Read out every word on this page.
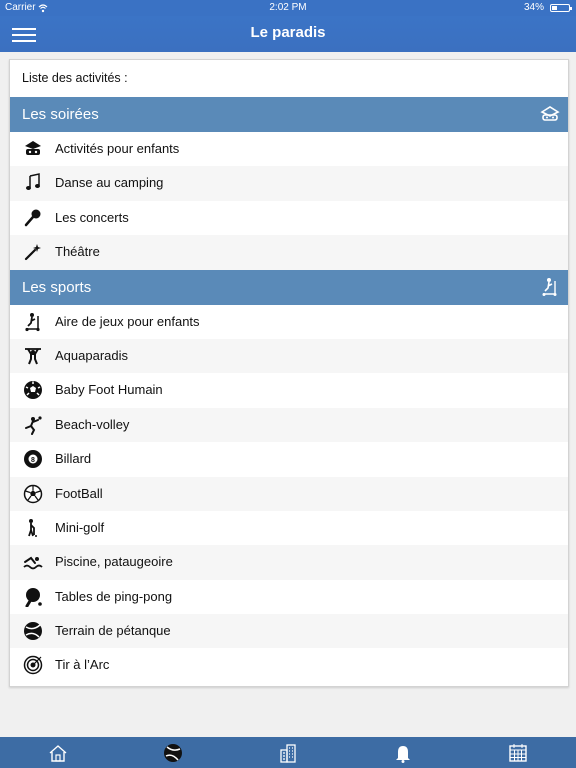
Carrier	2:02 PM	34%
Le paradis
Liste des activités :
Les soirées
Activités pour enfants
Danse au camping
Les concerts
Théâtre
Les sports
Aire de jeux pour enfants
Aquaparadis
Baby Foot Humain
Beach-volley
8 Billard
FootBall
Mini-golf
Piscine, pataugeoire
Tables de ping-pong
Terrain de pétanque
Tir à l’Arc
